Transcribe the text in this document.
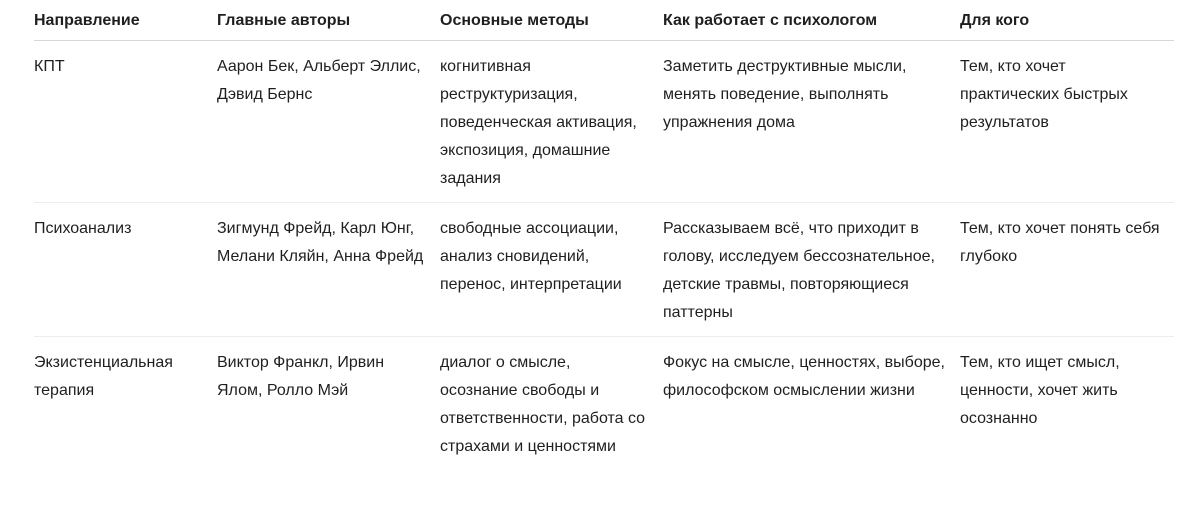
Направление	Главные авторы	Основные методы	Как работает с психологом	Для кого
КПТ	Аарон Бек, Альберт Эллис, Дэвид Бернс	когнитивная реструктуризация, поведенческая активация, экспозиция, домашние задания	Заметить деструктивные мысли, менять поведение, выполнять упражнения дома	Тем, кто хочет практических быстрых результатов
Психоанализ	Зигмунд Фрейд, Карл Юнг, Мелани Кляйн, Анна Фрейд	свободные ассоциации, анализ сновидений, перенос, интерпретации	Рассказываем всё, что приходит в голову, исследуем бессознательное, детские травмы, повторяющиеся паттерны	Тем, кто хочет понять себя глубоко
Экзистенциальная терапия	Виктор Франкл, Ирвин Ялом, Ролло Мэй	диалог о смысле, осознание свободы и ответственности, работа со страхами и ценностями	Фокус на смысле, ценностях, выборе, философском осмыслении жизни	Тем, кто ищет смысл, ценности, хочет жить осознанно
